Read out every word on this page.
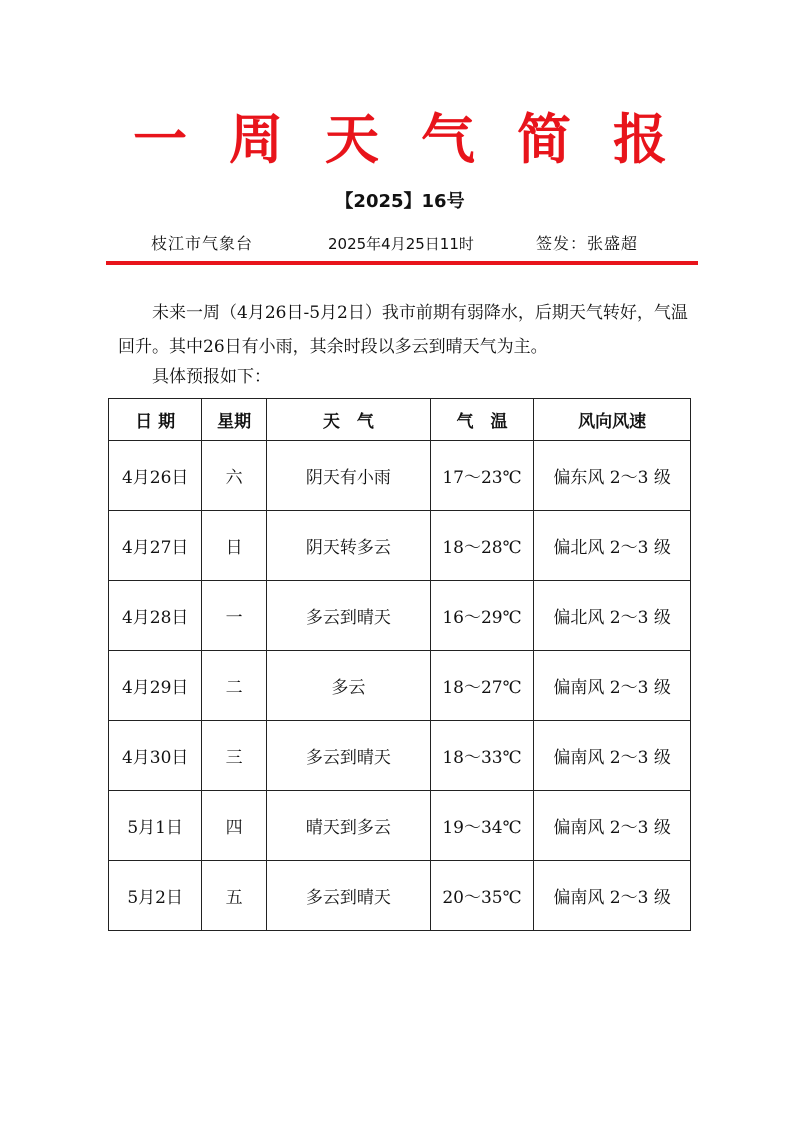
一 周 天 气 简 报
【2025】16号
枝江市气象台	2025年4月25日11时	签发：张盛超
未来一周（4月26日-5月2日）我市前期有弱降水，后期天气转好，气温回升。其中26日有小雨，其余时段以多云到晴天气为主。
具体预报如下：
日 期	星期	天　气	气　温	风向风速
4月26日	六	阴天有小雨	17～23℃	偏东风 2～3 级
4月27日	日	阴天转多云	18～28℃	偏北风 2～3 级
4月28日	一	多云到晴天	16～29℃	偏北风 2～3 级
4月29日	二	多云	18～27℃	偏南风 2～3 级
4月30日	三	多云到晴天	18～33℃	偏南风 2～3 级
5月1日	四	晴天到多云	19～34℃	偏南风 2～3 级
5月2日	五	多云到晴天	20～35℃	偏南风 2～3 级
